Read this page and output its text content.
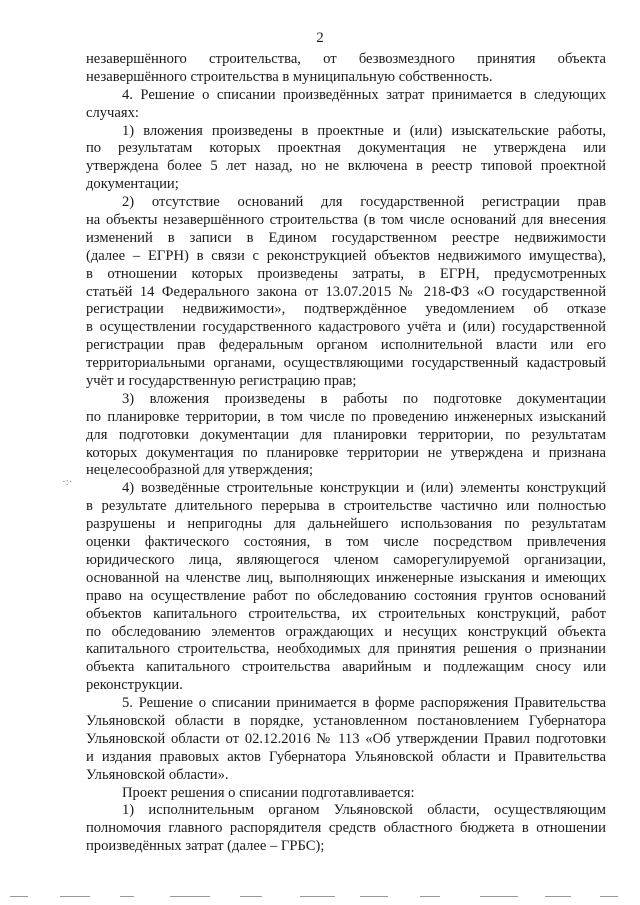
2
незавершённого строительства, от безвозмездного принятия объекта
незавершённого строительства в муниципальную собственность.
4. Решение о списании произведённых затрат принимается в следующих
случаях:
1) вложения произведены в проектные и (или) изыскательские работы,
по результатам которых проектная документация не утверждена или
утверждена более 5 лет назад, но не включена в реестр типовой проектной
документации;
2) отсутствие оснований для государственной регистрации прав
на объекты незавершённого строительства (в том числе оснований для внесения
изменений в записи в Едином государственном реестре недвижимости
(далее – ЕГРН) в связи с реконструкцией объектов недвижимого имущества),
в отношении которых произведены затраты, в ЕГРН, предусмотренных
статьёй 14 Федерального закона от 13.07.2015 № 218-ФЗ «О государственной
регистрации недвижимости», подтверждённое уведомлением об отказе
в осуществлении государственного кадастрового учёта и (или) государственной
регистрации прав федеральным органом исполнительной власти или его
территориальными органами, осуществляющими государственный кадастровый
учёт и государственную регистрацию прав;
3) вложения произведены в работы по подготовке документации
по планировке территории, в том числе по проведению инженерных изысканий
для подготовки документации для планировки территории, по результатам
которых документация по планировке территории не утверждена и признана
нецелесообразной для утверждения;
4) возведённые строительные конструкции и (или) элементы конструкций
в результате длительного перерыва в строительстве частично или полностью
разрушены и непригодны для дальнейшего использования по результатам
оценки фактического состояния, в том числе посредством привлечения
юридического лица, являющегося членом саморегулируемой организации,
основанной на членстве лиц, выполняющих инженерные изыскания и имеющих
право на осуществление работ по обследованию состояния грунтов оснований
объектов капитального строительства, их строительных конструкций, работ
по обследованию элементов ограждающих и несущих конструкций объекта
капитального строительства, необходимых для принятия решения о признании
объекта капитального строительства аварийным и подлежащим сносу или
реконструкции.
5. Решение о списании принимается в форме распоряжения Правительства
Ульяновской области в порядке, установленном постановлением Губернатора
Ульяновской области от 02.12.2016 № 113 «Об утверждении Правил подготовки
и издания правовых актов Губернатора Ульяновской области и Правительства
Ульяновской области».
Проект решения о списании подготавливается:
1) исполнительным органом Ульяновской области, осуществляющим
полномочия главного распорядителя средств областного бюджета в отношении
произведённых затрат (далее – ГРБС);
·:·
